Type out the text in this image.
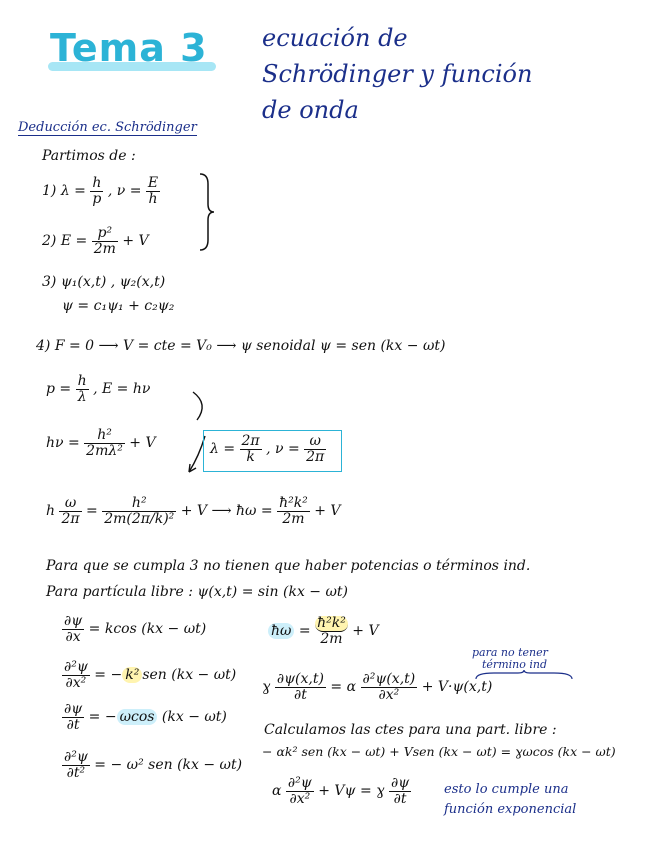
Tema 3 ecuación de
Schrödinger y función
de onda
Deducción ec. Schrödinger
Partimos de :
1) $\lambda = \frac{h}{p}$ , $\nu = \frac{E}{h}$
2) $E = \frac{\text{p²}}{2m} + V$
3) ψ₁(x,t) , ψ₂(x,t)
ψ = c₁ψ₁ + c₂ψ₂
4) F = 0 ⟶ V = cte = V₀ ⟶ ψ senoidal ψ = sen (kx − ωt)
$p = \frac{h}{\lambda}$ , E = hν
$h\nu = \frac{\text{h²}}{\text{2mλ²}} + V$	$\lambda = \frac{2\pi}{k}$ , $\nu = \frac{\omega}{2\pi}$
h $\frac{\omega}{2\pi} = \frac{\text{h²}}{\text{2m(2π/k)²}} + V$ ⟶ ħω = $\frac{\text{ħ²k²}}{2m} + V$
Para que se cumpla 3 no tienen que haber potencias o términos ind.
Para partícula libre : ψ(x,t) = sin (kx − ωt)
$\frac{\partial\psi}{\partial x} = kcos$ (kx − ωt)
$\frac{\text{∂²ψ}}{\text{∂x²}}$ = − k² sen (kx − ωt)
$\frac{\partial\psi}{\partial t}$ = − ωcos (kx − ωt)
$\frac{\text{∂²ψ}}{\text{∂t²}}$ = − ω² sen (kx − ωt)
ħω = $\frac{\text{ħ²k²}}{2m} + V$
para no tener
término ind
ɣ $\frac{\partial\psi(x,t)}{\partial t} = \alpha \frac{\text{∂²ψ(x,t)}}{\text{∂x²}} + V\cdot\psi(x,t)$
Calculamos las ctes para una part. libre :
− αk² sen (kx − ωt) + Vsen (kx − ωt) = ɣωcos (kx − ωt)
α $\frac{\text{∂²ψ}}{\text{∂x²}} + V\psi$ = ɣ $\frac{\partial\psi}{\partial t}$	esto lo cumple una
función exponencial
